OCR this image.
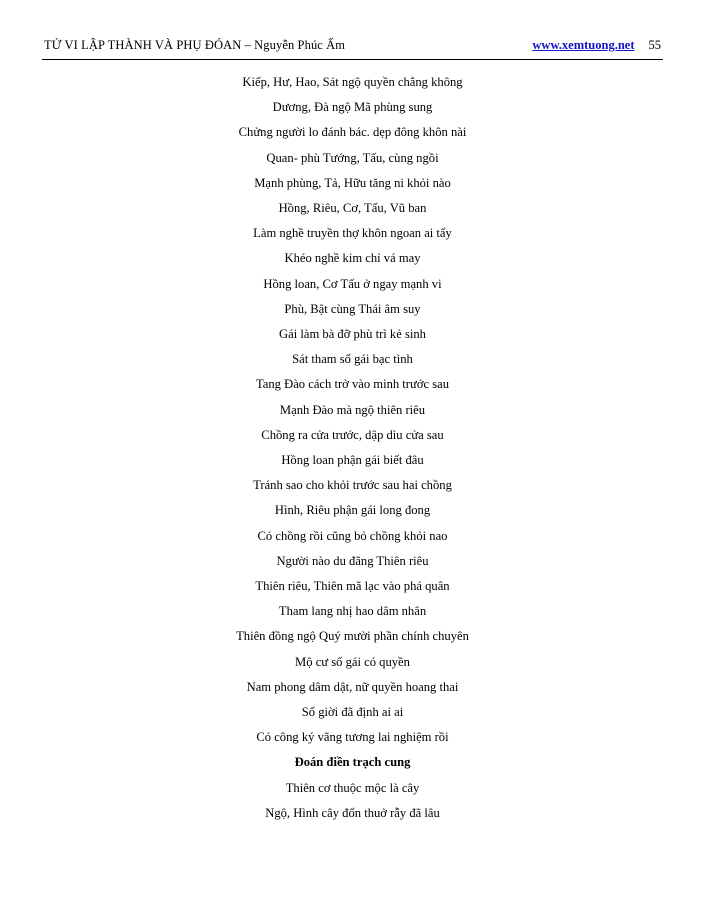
TỬ VI LẬP THÀNH VÀ PHỤ ĐÓAN – Nguyễn Phúc Ấm	www.xemtuong.net 55
Kiếp, Hư, Hao, Sát ngộ quyền chẳng không
Dương, Đà ngộ Mã phùng sung
Chửng người lo đánh bác. dẹp đông khôn nài
Quan- phù Tướng, Tấu, cùng ngồi
Mạnh phùng, Tả, Hữu tăng ni khỏi nào
Hồng, Riêu, Cơ, Tấu, Vũ ban
Làm nghề truyền thợ khôn ngoan ai tẩy
Khéo nghề kim chỉ vá may
Hồng loan, Cơ Tấu ở ngay mạnh vi
Phù, Bật cùng Thái âm suy
Gái làm bà đỡ phù trì kẻ sinh
Sát tham số gái bạc tình
Tang Đào cách trở vào minh trước sau
Mạnh Đào mà ngộ thiên riêu
Chồng ra cửa trước, dập dìu cửa sau
Hồng loan phận gái biết đâu
Tránh sao cho khỏi trước sau hai chồng
Hình, Riêu phận gái long đong
Có chồng rồi cũng bỏ chồng khỏi nao
Người nào du đãng Thiên riêu
Thiên riêu, Thiên mã lạc vào phá quân
Tham lang nhị hao dâm nhân
Thiên đồng ngộ Quý mười phần chính chuyên
Mộ cư số gái có quyền
Nam phong dâm dật, nữ quyền hoang thai
Số giời đã định ai ai
Có công ký vãng tương lai nghiệm rồi
Đoán điền trạch cung
Thiên cơ thuộc mộc là cây
Ngộ, Hình cây đốn thuở rẫy đã lâu
